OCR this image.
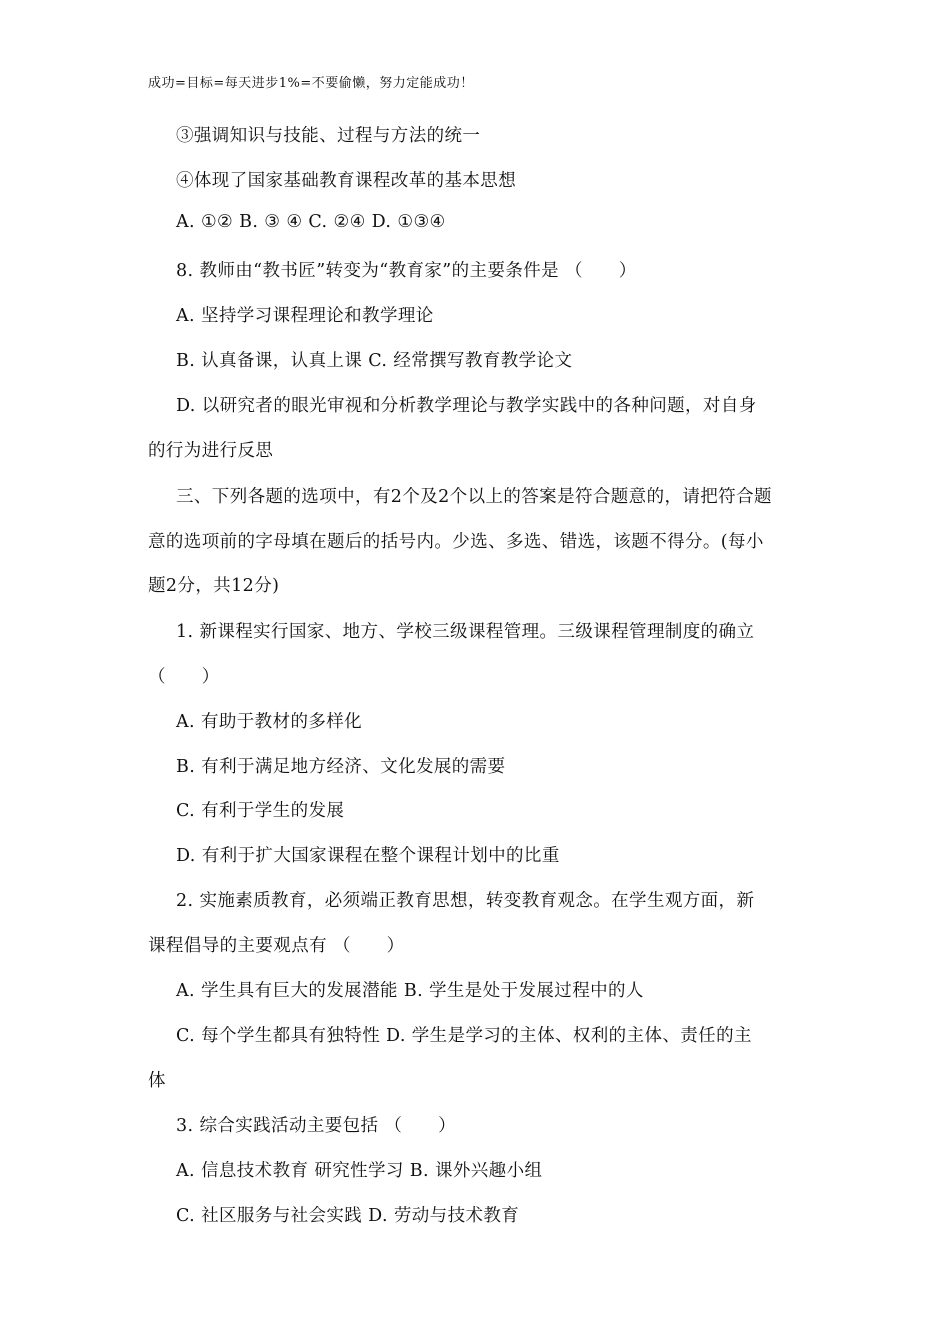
成功=目标=每天进步1%=不要偷懒，努力定能成功！
③强调知识与技能、过程与方法的统一
④体现了国家基础教育课程改革的基本思想
A. ①② B. ③ ④ C. ②④ D. ①③④
8. 教师由“教书匠”转变为“教育家”的主要条件是 （　　）
A. 坚持学习课程理论和教学理论
B. 认真备课，认真上课 C. 经常撰写教育教学论文
D. 以研究者的眼光审视和分析教学理论与教学实践中的各种问题，对自身
的行为进行反思
三、下列各题的选项中，有2个及2个以上的答案是符合题意的，请把符合题
意的选项前的字母填在题后的括号内。少选、多选、错选，该题不得分。(每小
题2分，共12分)
1. 新课程实行国家、地方、学校三级课程管理。三级课程管理制度的确立
（　　）
A. 有助于教材的多样化
B. 有利于满足地方经济、文化发展的需要
C. 有利于学生的发展
D. 有利于扩大国家课程在整个课程计划中的比重
2. 实施素质教育，必须端正教育思想，转变教育观念。在学生观方面，新
课程倡导的主要观点有 （　　）
A. 学生具有巨大的发展潜能 B. 学生是处于发展过程中的人
C. 每个学生都具有独特性 D. 学生是学习的主体、权利的主体、责任的主
体
3. 综合实践活动主要包括 （　　）
A. 信息技术教育 研究性学习 B. 课外兴趣小组
C. 社区服务与社会实践 D. 劳动与技术教育
